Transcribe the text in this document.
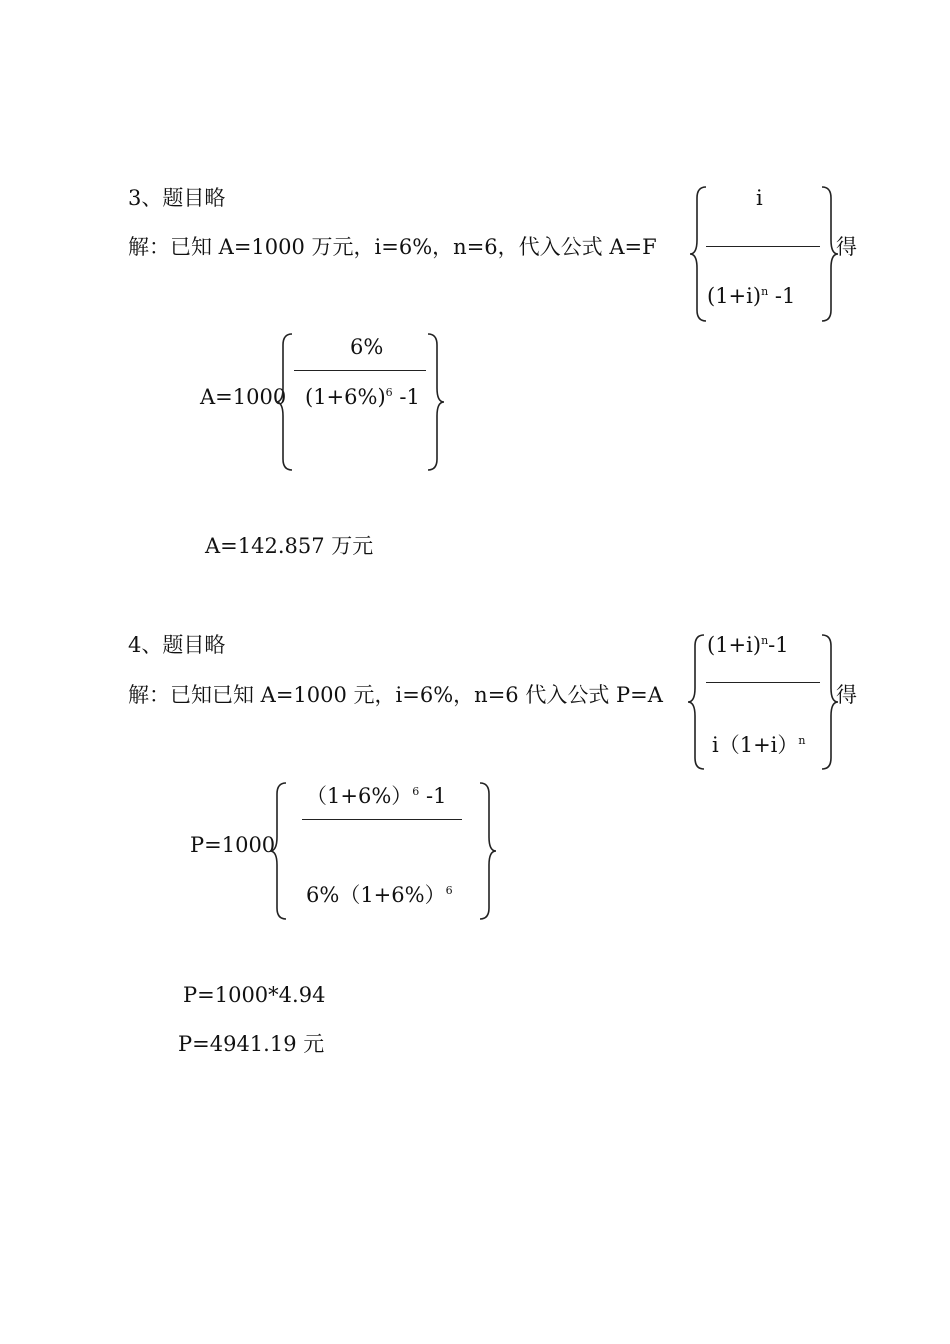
3、题目略
解：已知 A=1000 万元，i=6%，n=6，代入公式 A=F
i
$(1+i)^n$ -1
得
A=1000
6%
$(1+6\%)^6$ -1
A=142.857 万元
4、题目略
解：已知已知 A=1000 元，i=6%，n=6 代入公式 P=A
$(1+i)^n-1$
$i(1+i)^n$
得
P=1000
$(1+6\%)^6$ -1
$6\%(1+6\%)^6$
P=1000*4.94
P=4941.19 元
